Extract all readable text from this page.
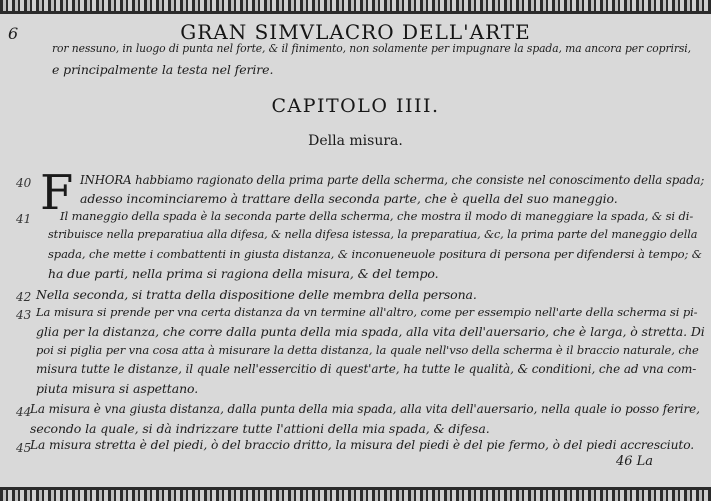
6	GRAN SIMVLACRO DELL'ARTE
ror nessuno, in luogo di punta nel forte, & il finimento, non solamente per impugnare la spada, ma ancora per coprirsi,
e principalmente la testa nel ferire.
CAPITOLO IIII.
Della misura.
40 F INHORA habbiamo ragionato della prima parte della scherma, che consiste nel conoscimento della spada;
adesso incominciaremo à trattare della seconda parte, che è quella del suo maneggio.
41 Il maneggio della spada è la seconda parte della scherma, che mostra il modo di maneggiare la spada, & si di-
stribuisce nella preparatiua alla difesa, & nella difesa istessa, la preparatiua, &c, la prima parte del maneggio della
spada, che mette i combattenti in giusta distanza, & inconueneuole positura di persona per difendersi à tempo; &
ha due parti, nella prima si ragiona della misura, & del tempo.
42 Nella seconda, si tratta della dispositione delle membra della persona.
43 La misura si prende per vna certa distanza da vn termine all'altro, come per essempio nell'arte della scherma si pi-
glia per la distanza, che corre dalla punta della mia spada, alla vita dell'auersario, che è larga, ò stretta. Di
poi si piglia per vna cosa atta à misurare la detta distanza, la quale nell'vso della scherma è il braccio naturale, che
misura tutte le distanze, il quale nell'essercitio di quest'arte, ha tutte le qualità, & conditioni, che ad vna com-
piuta misura si aspettano.
44
La misura è vna giusta distanza, dalla punta della mia spada, alla vita dell'auersario, nella quale io posso ferire,
secondo la quale, si dà indrizzare tutte l'attioni della mia spada, & difesa.
45
La misura stretta è del piedi, ò del braccio dritto, la misura del piedi è del pie fermo, ò del piedi accresciuto.
46 La
